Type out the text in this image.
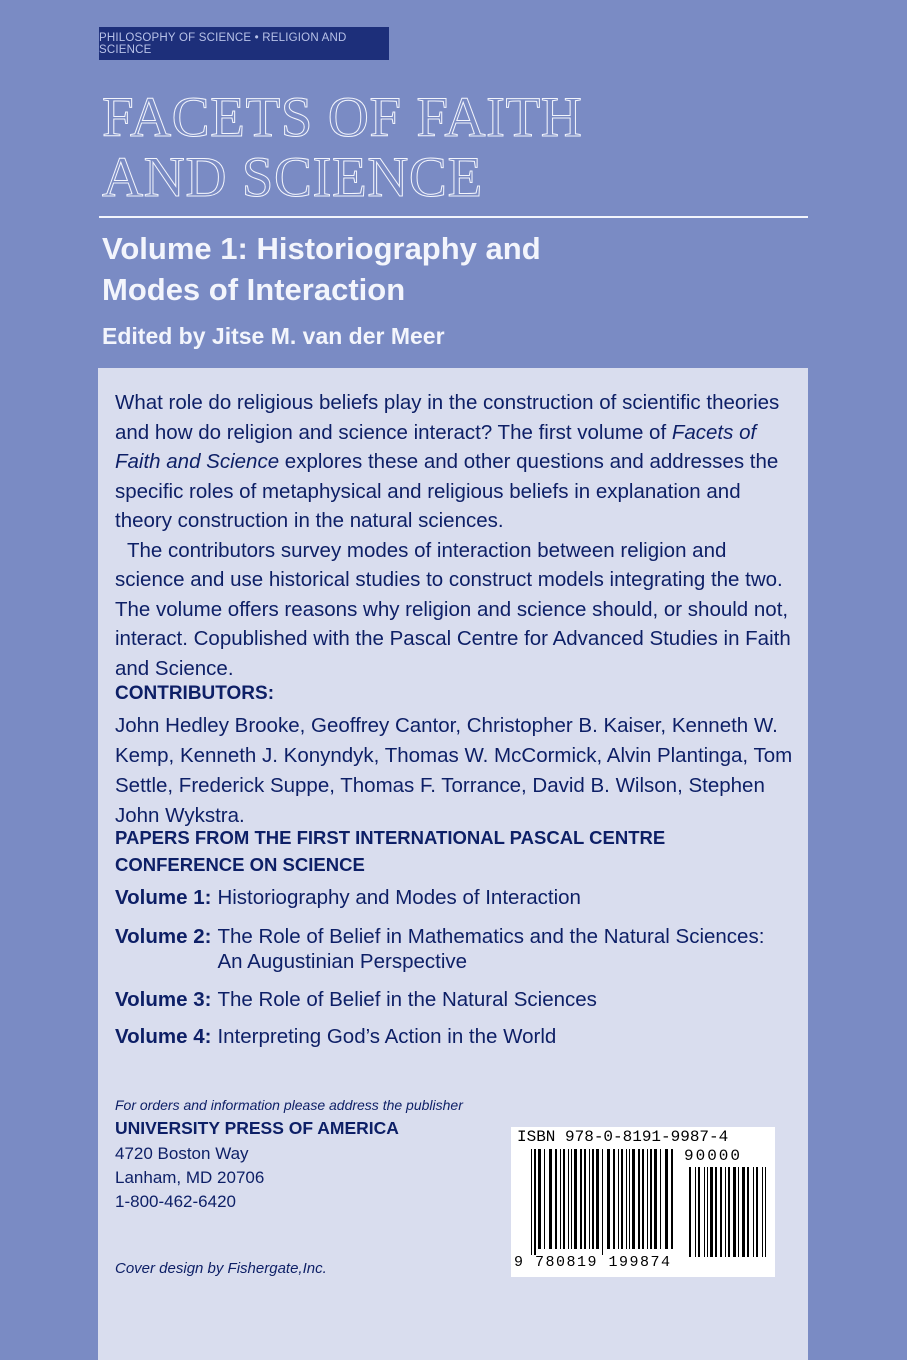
PHILOSOPHY OF SCIENCE • RELIGION AND SCIENCE
FACETS OF FAITH
AND SCIENCE
Volume 1: Historiography and
Modes of Interaction
Edited by Jitse M. van der Meer

What role do religious beliefs play in the construction of scientific theories and how do religion and science interact? The first volume of Facets of Faith and Science explores these and other questions and addresses the specific roles of metaphysical and religious beliefs in explanation and theory construction in the natural sciences.

The contributors survey modes of interaction between religion and science and use historical studies to construct models integrating the two. The volume offers reasons why religion and science should, or should not, interact. Copublished with the Pascal Centre for Advanced Studies in Faith and Science.

CONTRIBUTORS:
John Hedley Brooke, Geoffrey Cantor, Christopher B. Kaiser, Kenneth W. Kemp, Kenneth J. Konyndyk, Thomas W. McCormick, Alvin Plantinga, Tom Settle, Frederick Suppe, Thomas F. Torrance, David B. Wilson, Stephen John Wykstra.
PAPERS FROM THE FIRST INTERNATIONAL PASCAL CENTRE
CONFERENCE ON SCIENCE
Volume 1: Historiography and Modes of Interaction
Volume 2: The Role of Belief in Mathematics and the Natural Sciences:
An Augustinian Perspective
Volume 3: The Role of Belief in the Natural Sciences
Volume 4: Interpreting God’s Action in the World
For orders and information please address the publisher
UNIVERSITY PRESS OF AMERICA
4720 Boston Way
Lanham, MD 20706
1-800-462-6420
Cover design by Fishergate,Inc.
ISBN 978-0-8191-9987-4
90000
9 780819 199874
